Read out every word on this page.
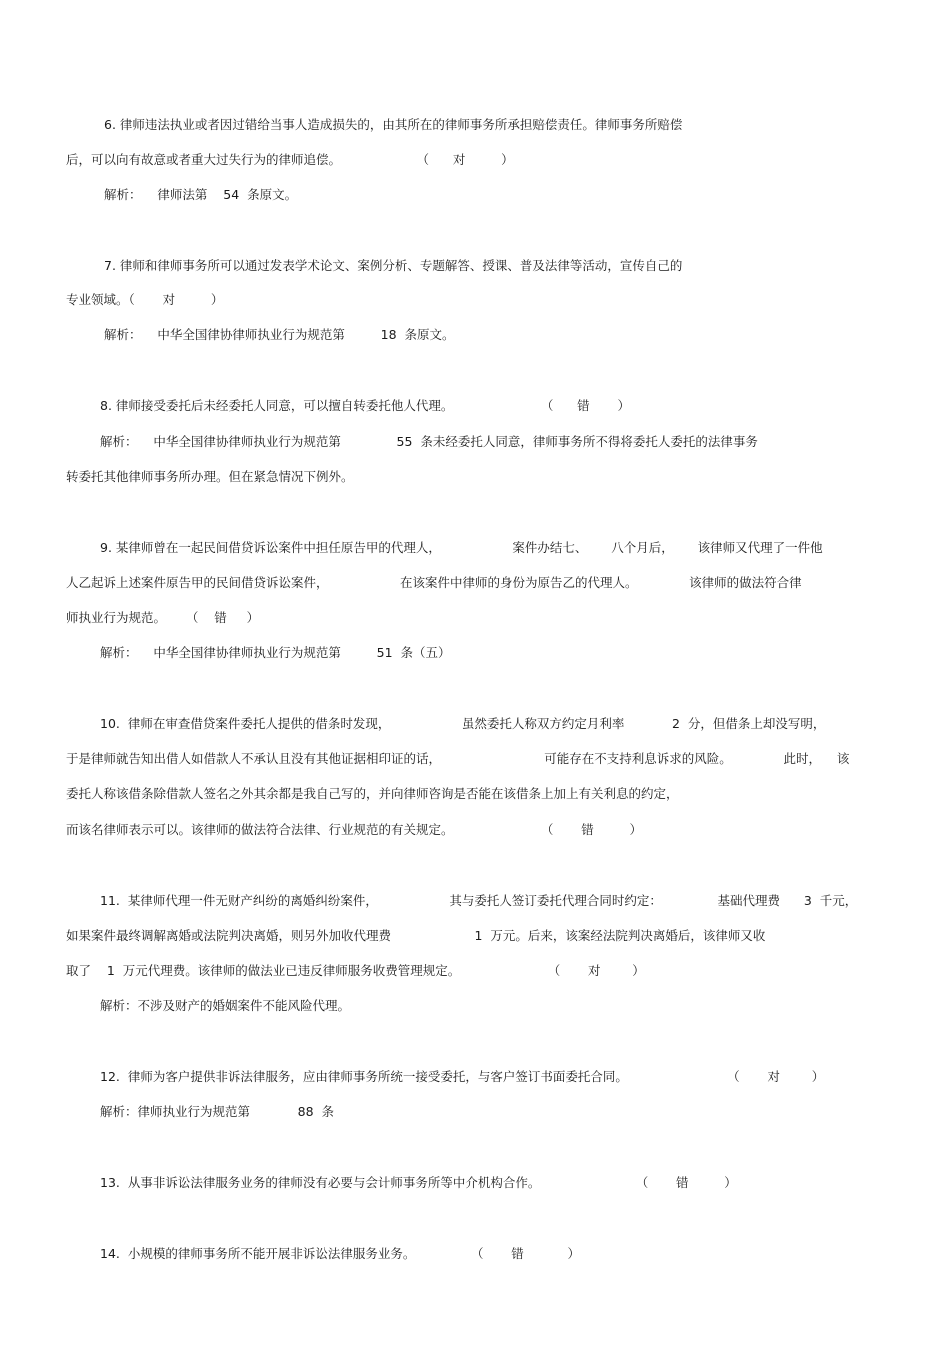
6. 律师违法执业或者因过错给当事人造成损失的，由其所在的律师事务所承担赔偿责任。律师事务所赔偿
后，可以向有故意或者重大过失行为的律师追偿。                   （      对         ）
解析：    律师法第    54  条原文。
7. 律师和律师事务所可以通过发表学术论文、案例分析、专题解答、授课、普及法律等活动，宣传自己的
专业领域。（       对         ）
解析：    中华全国律协律师执业行为规范第         18  条原文。
8. 律师接受委托后未经委托人同意，可以擅自转委托他人代理。                      （      错       ）
解析：    中华全国律协律师执业行为规范第              55  条未经委托人同意，律师事务所不得将委托人委托的法律事务
转委托其他律师事务所办理。但在紧急情况下例外。
9. 某律师曾在一起民间借贷诉讼案件中担任原告甲的代理人，                  案件办结七、      八个月后，      该律师又代理了一件他
人乙起诉上述案件原告甲的民间借贷诉讼案件，                  在该案件中律师的身份为原告乙的代理人。             该律师的做法符合律
师执业行为规范。     （    错     ）
解析：    中华全国律协律师执业行为规范第         51  条（五）
10.  律师在审查借贷案件委托人提供的借条时发现，                  虽然委托人称双方约定月利率            2  分，但借条上却没写明，
于是律师就告知出借人如借款人不承认且没有其他证据相印证的话，                          可能存在不支持利息诉求的风险。             此时，    该
委托人称该借条除借款人签名之外其余都是我自己写的，并向律师咨询是否能在该借条上加上有关利息的约定，
而该名律师表示可以。该律师的做法符合法律、行业规范的有关规定。                      （       错         ）
11.  某律师代理一件无财产纠纷的离婚纠纷案件，                  其与委托人签订委托代理合同时约定：              基础代理费      3  千元，
如果案件最终调解离婚或法院判决离婚，则另外加收代理费                     1  万元。后来，该案经法院判决离婚后，该律师又收
取了    1  万元代理费。该律师的做法业已违反律师服务收费管理规定。                      （       对        ）
解析：不涉及财产的婚姻案件不能风险代理。
12.  律师为客户提供非诉法律服务，应由律师事务所统一接受委托，与客户签订书面委托合同。                         （       对        ）
解析：律师执业行为规范第            88  条
13.  从事非诉讼法律服务业务的律师没有必要与会计师事务所等中介机构合作。                        （       错         ）
14.  小规模的律师事务所不能开展非诉讼法律服务业务。              （       错           ）
